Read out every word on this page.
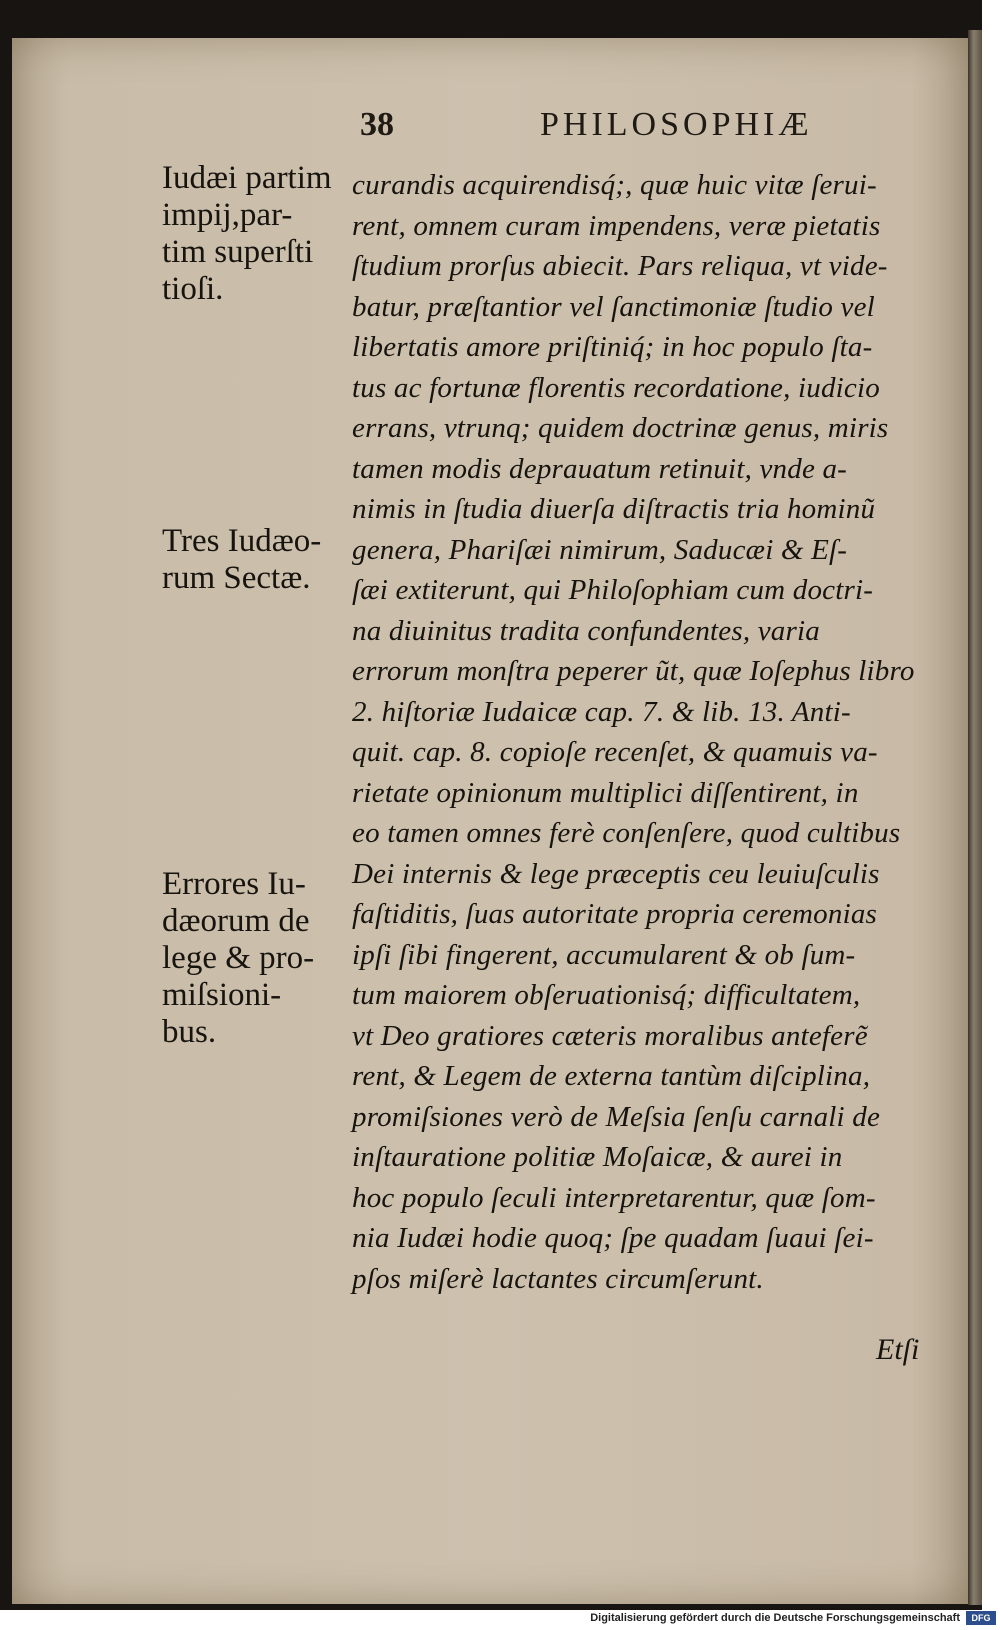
38	PHILOSOPHIÆ
Iudæi partim
impij,par-
tim superſti
tioſi.
Tres Iudæo-
rum Sectæ.
Errores Iu-
dæorum de
lege & pro-
miſsioni-
bus.
curandis acquirendisq́;, quæ huic vitæ ſerui-
rent, omnem curam impendens, veræ pietatis
ſtudium prorſus abiecit. Pars reliqua, vt vide-
batur, præſtantior vel ſanctimoniæ ſtudio vel
libertatis amore priſtiniq́; in hoc populo ſta-
tus ac fortunæ florentis recordatione, iudicio
errans, vtrunq; quidem doctrinæ genus, miris
tamen modis deprauatum retinuit, vnde a-
nimis in ſtudia diuerſa diſtractis tria hominũ
genera, Phariſæi nimirum, Saducæi & Eſ-
ſæi extiterunt, qui Philoſophiam cum doctri-
na diuinitus tradita confundentes, varia
errorum monſtra peperer ũt, quæ Ioſephus libro
2. hiſtoriæ Iudaicæ cap. 7. & lib. 13. Anti-
quit. cap. 8. copioſe recenſet, & quamuis va-
rietate opinionum multiplici diſſentirent, in
eo tamen omnes ferè conſenſere, quod cultibus
Dei internis & lege præceptis ceu leuiuſculis
faſtiditis, ſuas autoritate propria ceremonias
ipſi ſibi fingerent, accumularent & ob ſum-
tum maiorem obſeruationisq́; difficultatem,
vt Deo gratiores cæteris moralibus anteferẽ
rent, & Legem de externa tantùm diſciplina,
promiſsiones verò de Meſsia ſenſu carnali de
inſtauratione politiæ Moſaicæ, & aurei in
hoc populo ſeculi interpretarentur, quæ ſom-
nia Iudæi hodie quoq; ſpe quadam ſuaui ſei-
pſos miſerè lactantes circumſerunt.
Etſi
Digitalisierung gefördert durch die Deutsche Forschungsgemeinschaft	DFG
